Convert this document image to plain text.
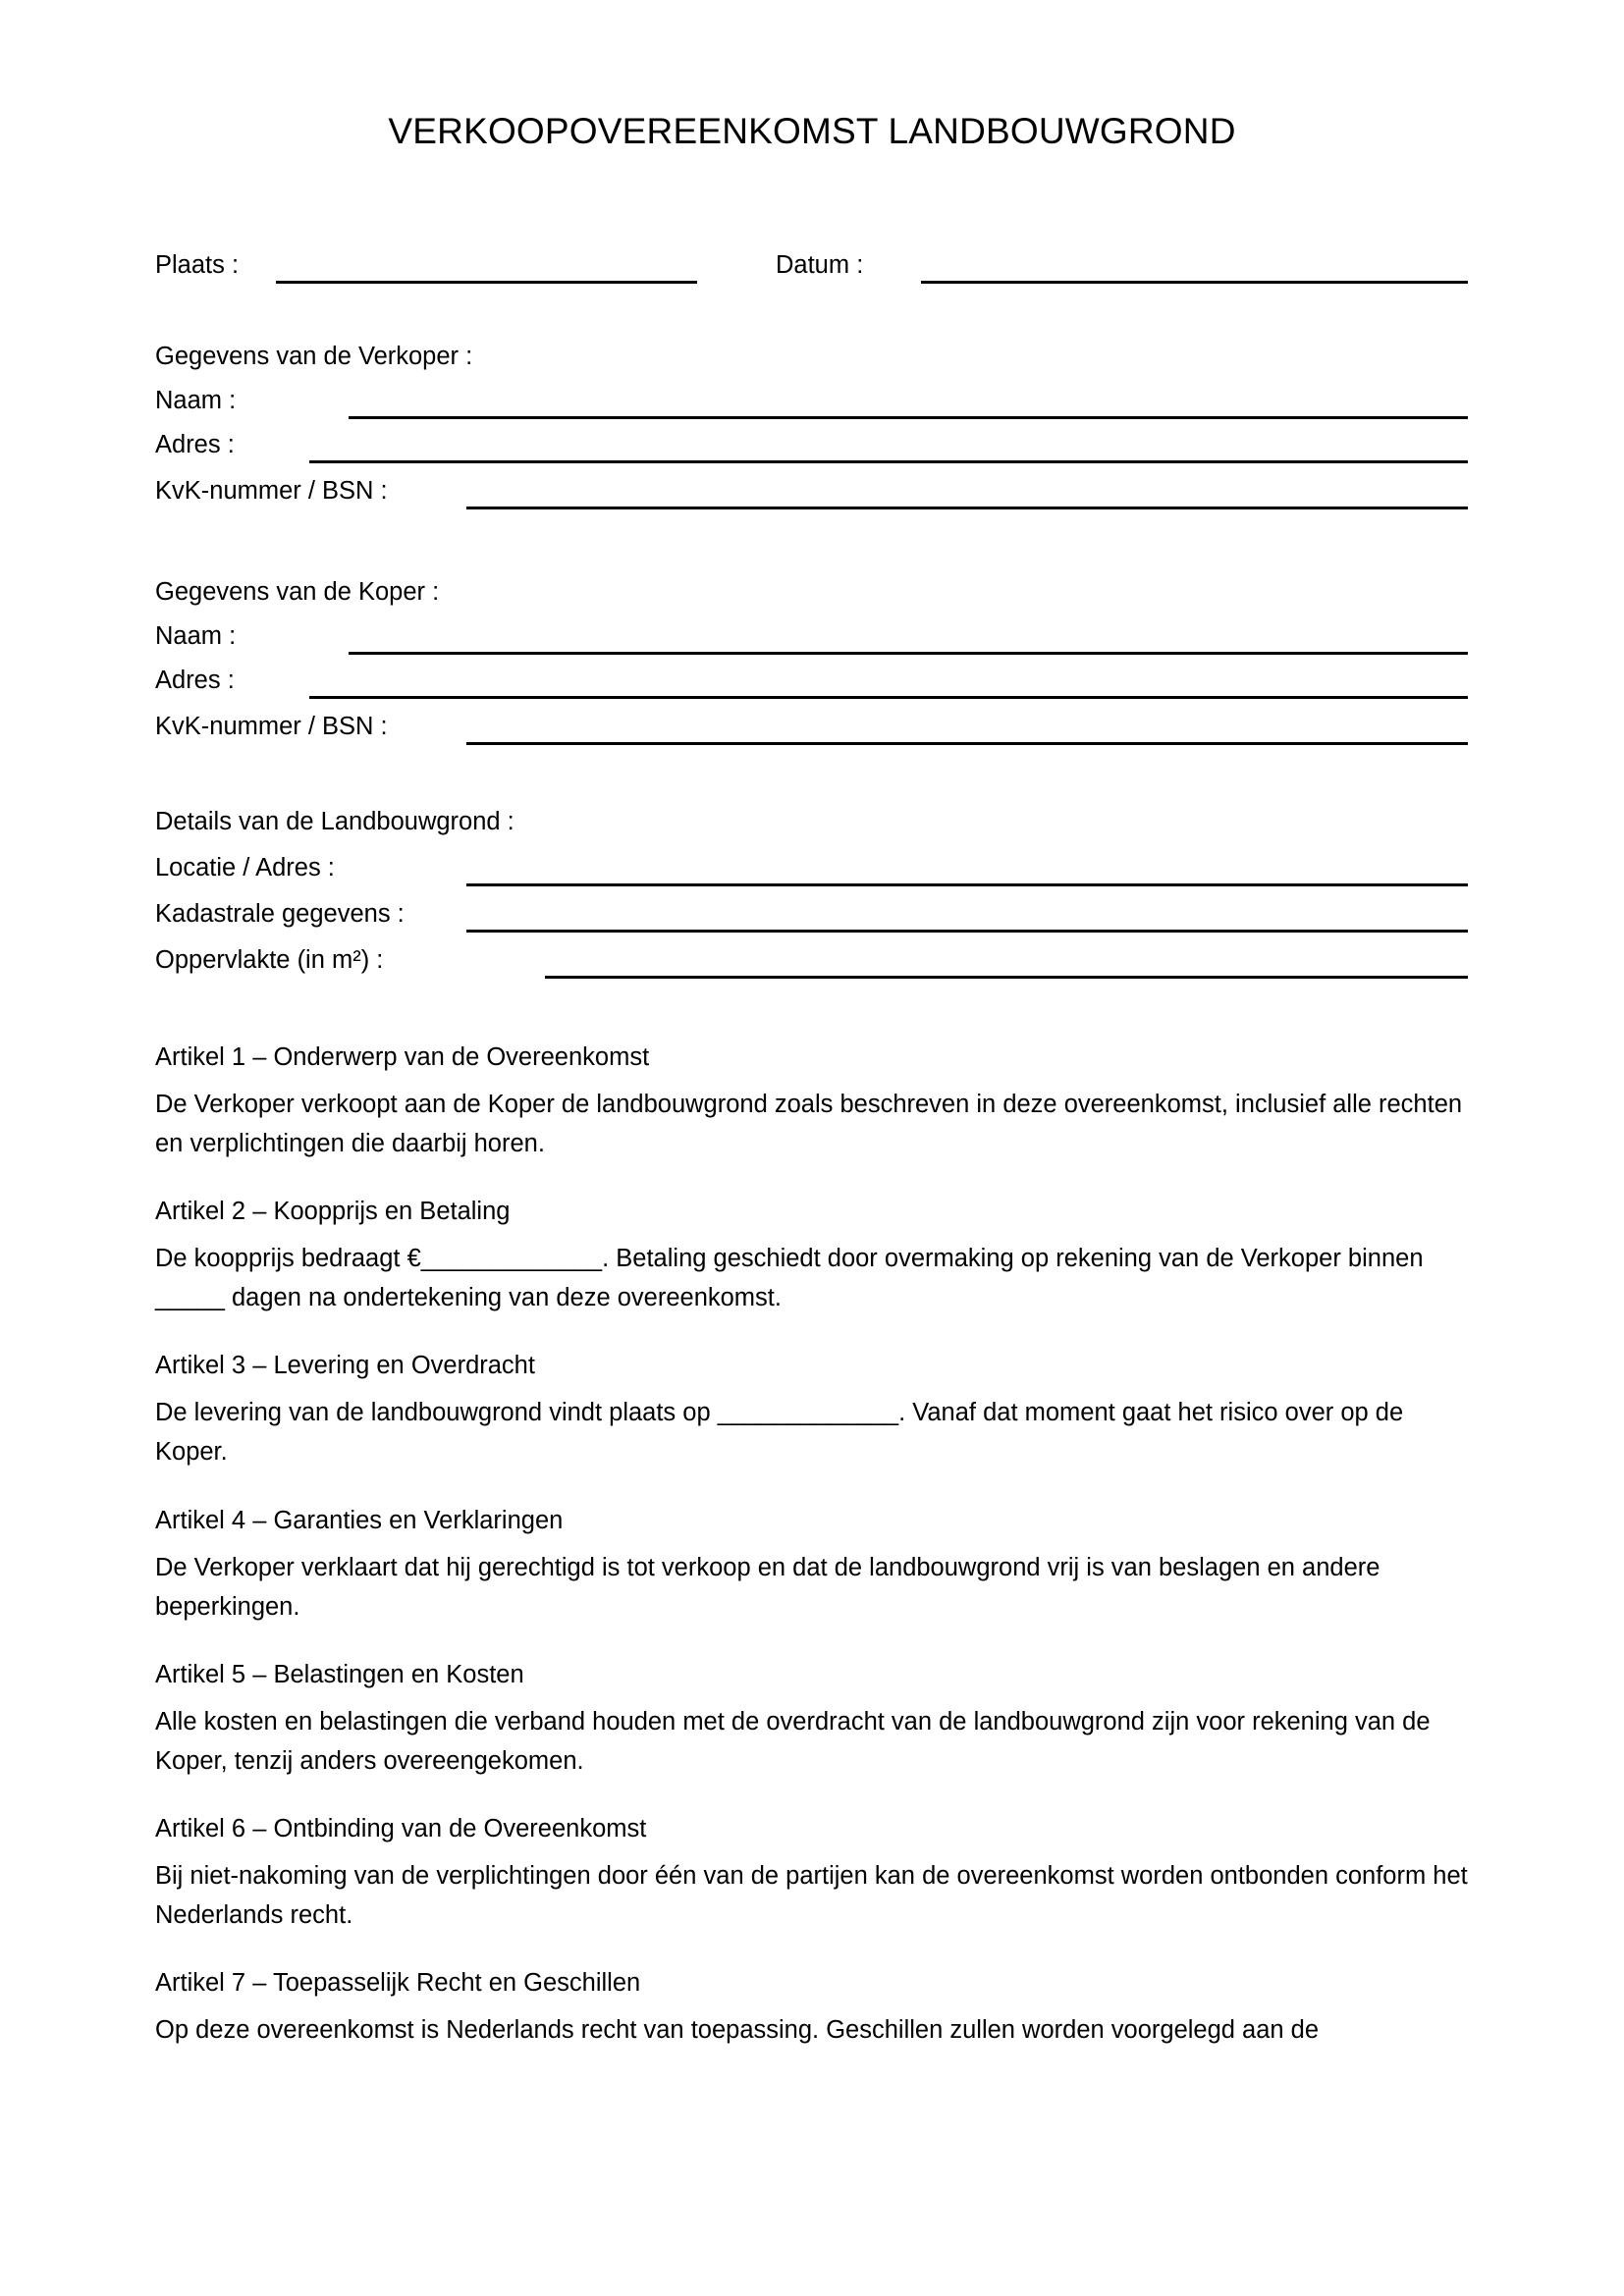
VERKOOPOVEREENKOMST LANDBOUWGROND
Plaats :	Datum :
Gegevens van de Verkoper :
Naam :
Adres :
KvK-nummer / BSN :
Gegevens van de Koper :
Naam :
Adres :
KvK-nummer / BSN :
Details van de Landbouwgrond :
Locatie / Adres :
Kadastrale gegevens :
Oppervlakte (in m²) :
Artikel 1 – Onderwerp van de Overeenkomst
De Verkoper verkoopt aan de Koper de landbouwgrond zoals beschreven in deze overeenkomst, inclusief alle rechten en verplichtingen die daarbij horen.
Artikel 2 – Koopprijs en Betaling
De koopprijs bedraagt €_____________. Betaling geschiedt door overmaking op rekening van de Verkoper binnen _____ dagen na ondertekening van deze overeenkomst.
Artikel 3 – Levering en Overdracht
De levering van de landbouwgrond vindt plaats op _____________. Vanaf dat moment gaat het risico over op de Koper.
Artikel 4 – Garanties en Verklaringen
De Verkoper verklaart dat hij gerechtigd is tot verkoop en dat de landbouwgrond vrij is van beslagen en andere beperkingen.
Artikel 5 – Belastingen en Kosten
Alle kosten en belastingen die verband houden met de overdracht van de landbouwgrond zijn voor rekening van de Koper, tenzij anders overeengekomen.
Artikel 6 – Ontbinding van de Overeenkomst
Bij niet-nakoming van de verplichtingen door één van de partijen kan de overeenkomst worden ontbonden conform het Nederlands recht.
Artikel 7 – Toepasselijk Recht en Geschillen
Op deze overeenkomst is Nederlands recht van toepassing. Geschillen zullen worden voorgelegd aan de
